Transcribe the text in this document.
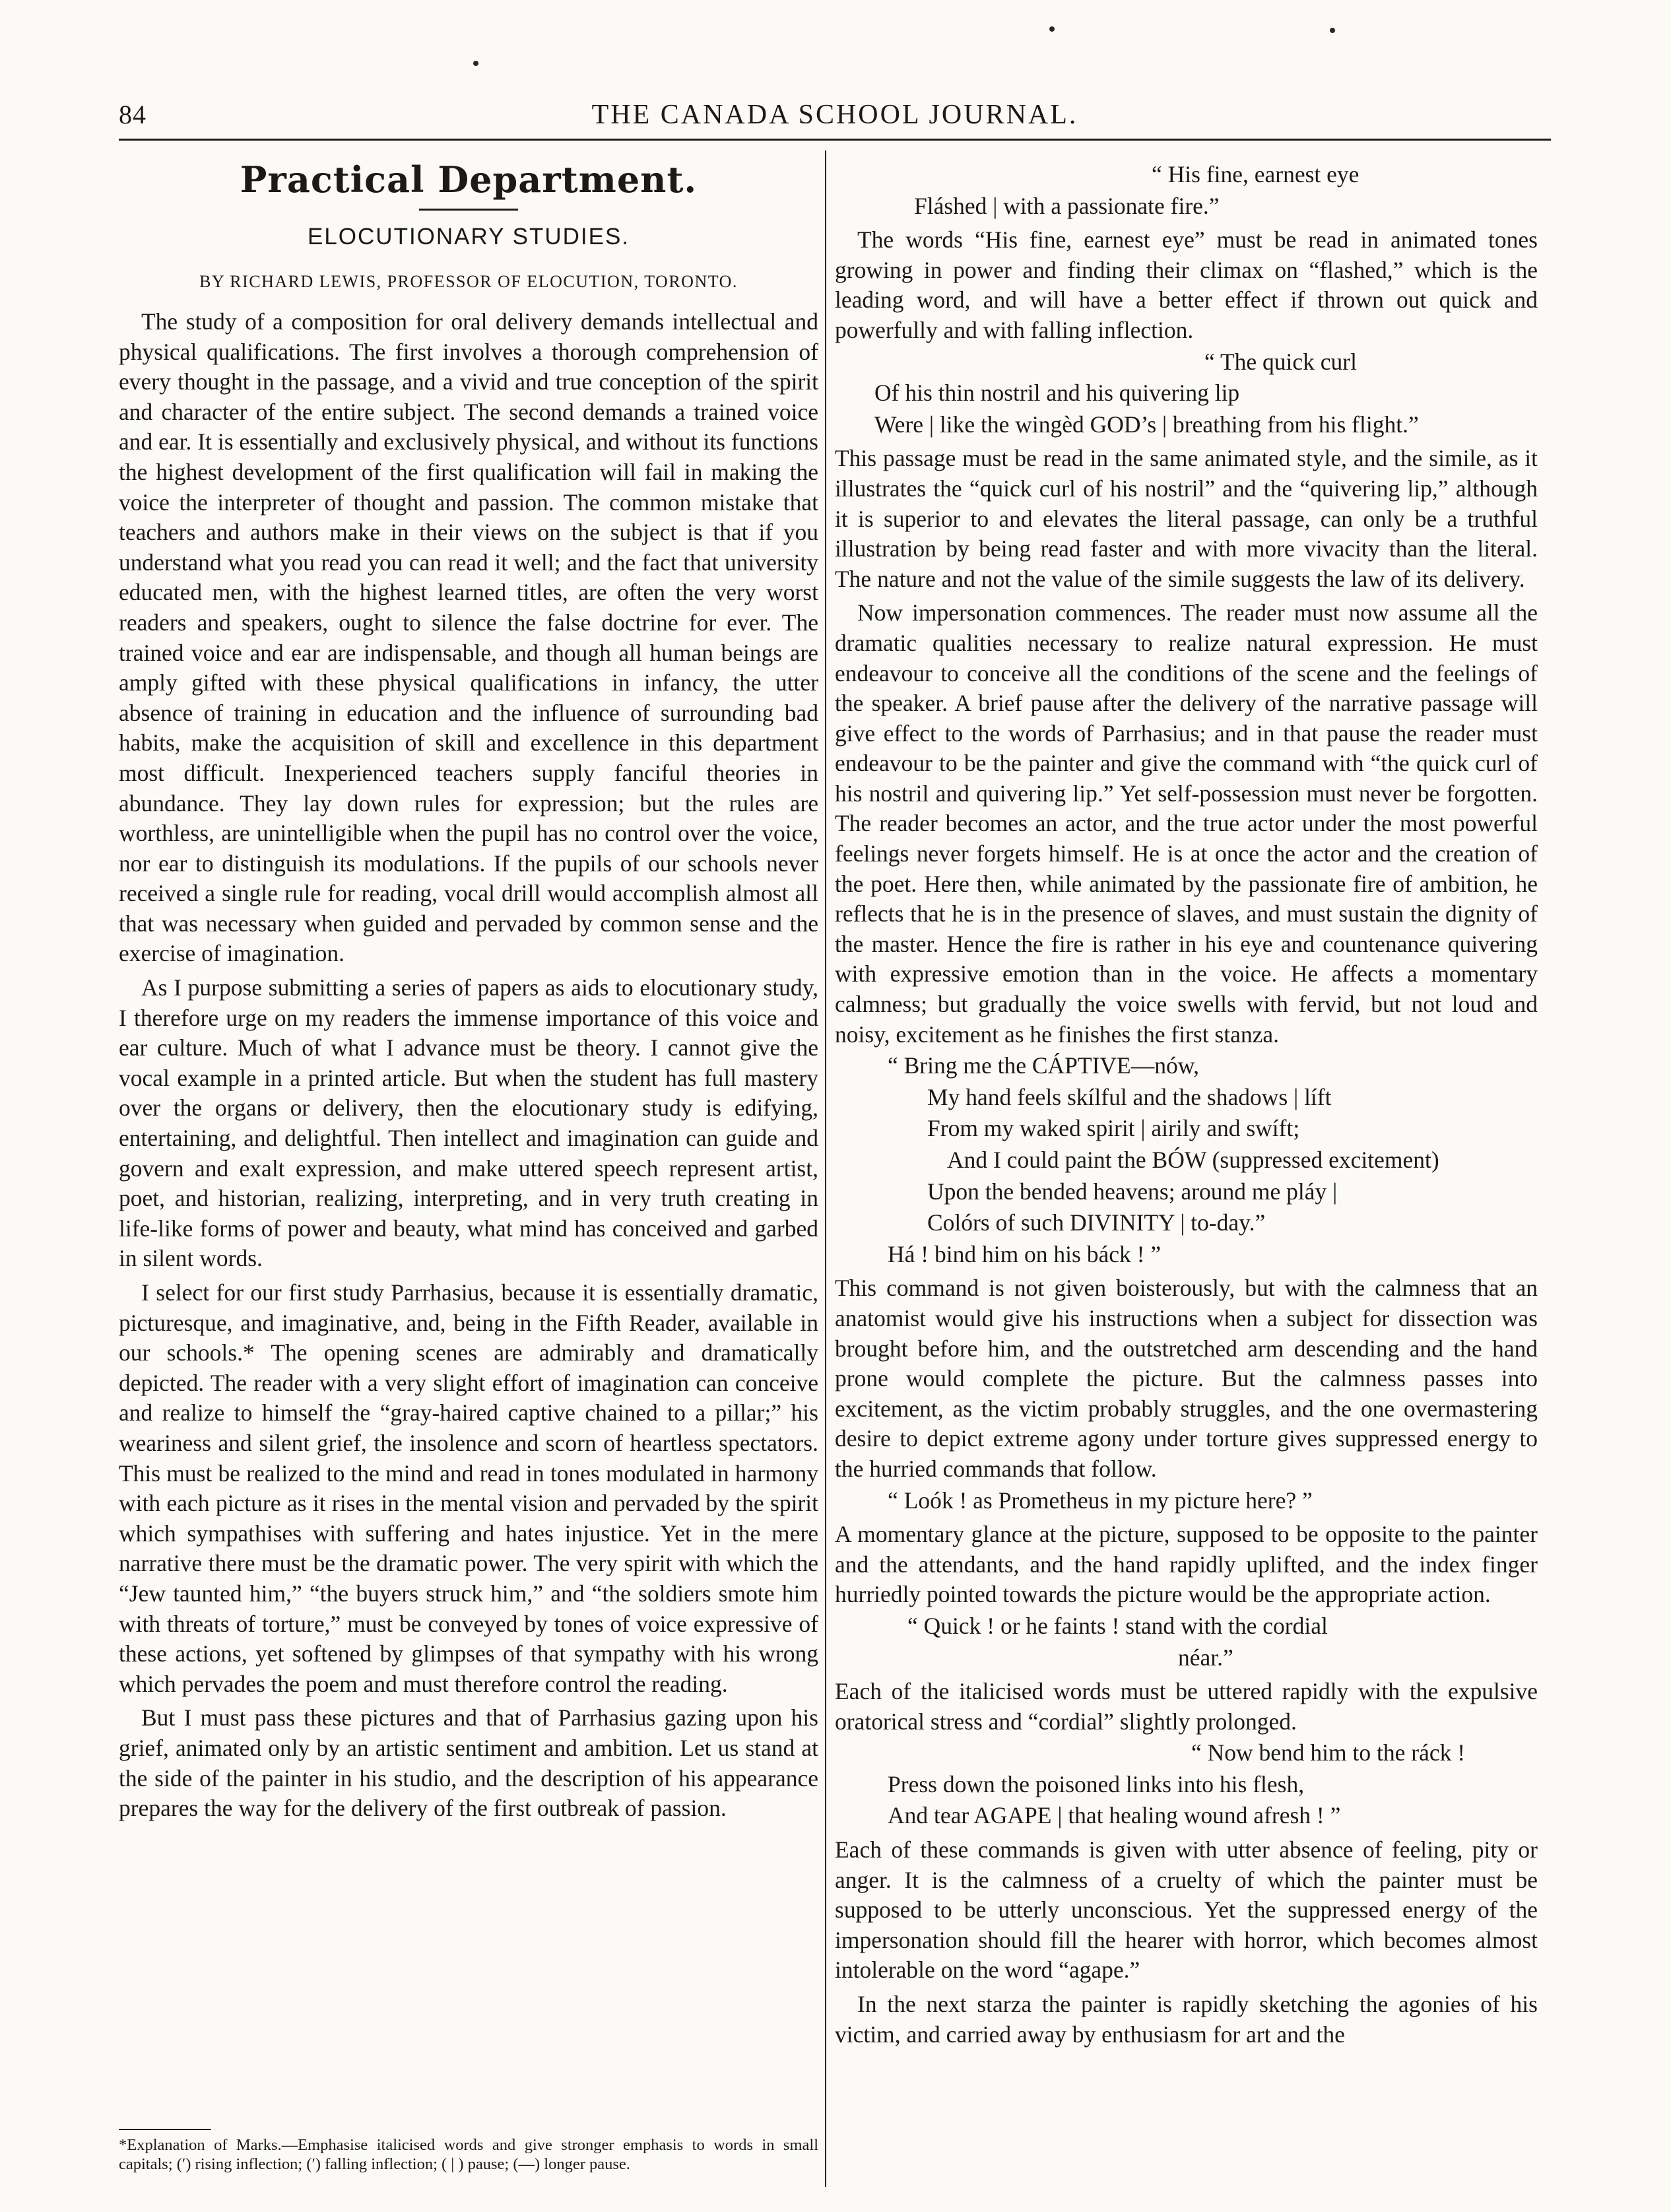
84	THE CANADA SCHOOL JOURNAL.
Practical Department.
ELOCUTIONARY STUDIES.
BY RICHARD LEWIS, PROFESSOR OF ELOCUTION, TORONTO.

The study of a composition for oral delivery demands intellectual and physical qualifications. The first involves a thorough comprehension of every thought in the passage, and a vivid and true conception of the spirit and character of the entire subject. The second demands a trained voice and ear. It is essentially and exclusively physical, and without its functions the highest development of the first qualification will fail in making the voice the interpreter of thought and passion. The common mistake that teachers and authors make in their views on the subject is that if you understand what you read you can read it well; and the fact that university educated men, with the highest learned titles, are often the very worst readers and speakers, ought to silence the false doctrine for ever. The trained voice and ear are indispensable, and though all human beings are amply gifted with these physical qualifications in infancy, the utter absence of training in education and the influence of surrounding bad habits, make the acquisition of skill and excellence in this department most difficult. Inexperienced teachers supply fanciful theories in abundance. They lay down rules for expression; but the rules are worthless, are unintelligible when the pupil has no control over the voice, nor ear to distinguish its modulations. If the pupils of our schools never received a single rule for reading, vocal drill would accomplish almost all that was necessary when guided and pervaded by common sense and the exercise of imagination.

As I purpose submitting a series of papers as aids to elocutionary study, I therefore urge on my readers the immense importance of this voice and ear culture. Much of what I advance must be theory. I cannot give the vocal example in a printed article. But when the student has full mastery over the organs or delivery, then the elocutionary study is edifying, entertaining, and delightful. Then intellect and imagination can guide and govern and exalt expression, and make uttered speech represent artist, poet, and historian, realizing, interpreting, and in very truth creating in life-like forms of power and beauty, what mind has conceived and garbed in silent words.

I select for our first study Parrhasius, because it is essentially dramatic, picturesque, and imaginative, and, being in the Fifth Reader, available in our schools.* The opening scenes are admirably and dramatically depicted. The reader with a very slight effort of imagination can conceive and realize to himself the “gray-haired captive chained to a pillar;” his weariness and silent grief, the insolence and scorn of heartless spectators. This must be realized to the mind and read in tones modulated in harmony with each picture as it rises in the mental vision and pervaded by the spirit which sympathises with suffering and hates injustice. Yet in the mere narrative there must be the dramatic power. The very spirit with which the “Jew taunted him,” “the buyers struck him,” and “the soldiers smote him with threats of torture,” must be conveyed by tones of voice expressive of these actions, yet softened by glimpses of that sympathy with his wrong which pervades the poem and must therefore control the reading.

But I must pass these pictures and that of Parrhasius gazing upon his grief, animated only by an artistic sentiment and ambition. Let us stand at the side of the painter in his studio, and the description of his appearance prepares the way for the delivery of the first outbreak of passion.

*Explanation of Marks.—Emphasise italicised words and give stronger emphasis to words in small capitals; (′) rising inflection; (′) falling inflection; ( | ) pause; (—) longer pause.

“ His fine, earnest eye

Fláshed | with a passionate fire.”

The words “His fine, earnest eye” must be read in animated tones growing in power and finding their climax on “flashed,” which is the leading word, and will have a better effect if thrown out quick and powerfully and with falling inflection.

“ The quick curl

Of his thin nostril and his quivering lip

Were | like the wingèd GOD’s | breathing from his flight.”

This passage must be read in the same animated style, and the simile, as it illustrates the “quick curl of his nostril” and the “quivering lip,” although it is superior to and elevates the literal passage, can only be a truthful illustration by being read faster and with more vivacity than the literal. The nature and not the value of the simile suggests the law of its delivery.

Now impersonation commences. The reader must now assume all the dramatic qualities necessary to realize natural expression. He must endeavour to conceive all the conditions of the scene and the feelings of the speaker. A brief pause after the delivery of the narrative passage will give effect to the words of Parrhasius; and in that pause the reader must endeavour to be the painter and give the command with “the quick curl of his nostril and quivering lip.” Yet self-possession must never be forgotten. The reader becomes an actor, and the true actor under the most powerful feelings never forgets himself. He is at once the actor and the creation of the poet. Here then, while animated by the passionate fire of ambition, he reflects that he is in the presence of slaves, and must sustain the dignity of the master. Hence the fire is rather in his eye and countenance quivering with expressive emotion than in the voice. He affects a momentary calmness; but gradually the voice swells with fervid, but not loud and noisy, excitement as he finishes the first stanza.

“ Bring me the CÁPTIVE—nów,

My hand feels skílful and the shadows | líft

From my waked spirit | airily and swíft;

And I could paint the BÓW (suppressed excitement)

Upon the bended heavens; around me pláy |

Colórs of such DIVINITY | to-day.”

Há ! bind him on his báck ! ”

This command is not given boisterously, but with the calmness that an anatomist would give his instructions when a subject for dissection was brought before him, and the outstretched arm descending and the hand prone would complete the picture. But the calmness passes into excitement, as the victim probably struggles, and the one overmastering desire to depict extreme agony under torture gives suppressed energy to the hurried commands that follow.

“ Loók ! as Prometheus in my picture here? ”

A momentary glance at the picture, supposed to be opposite to the painter and the attendants, and the hand rapidly uplifted, and the index finger hurriedly pointed towards the picture would be the appropriate action.

“ Quick ! or he faints ! stand with the cordial

néar.”

Each of the italicised words must be uttered rapidly with the expulsive oratorical stress and “cordial” slightly prolonged.

“ Now bend him to the ráck !

Press down the poisoned links into his flesh,

And tear AGAPE | that healing wound afresh ! ”

Each of these commands is given with utter absence of feeling, pity or anger. It is the calmness of a cruelty of which the painter must be supposed to be utterly unconscious. Yet the suppressed energy of the impersonation should fill the hearer with horror, which becomes almost intolerable on the word “agape.”

In the next starza the painter is rapidly sketching the agonies of his victim, and carried away by enthusiasm for art and the
